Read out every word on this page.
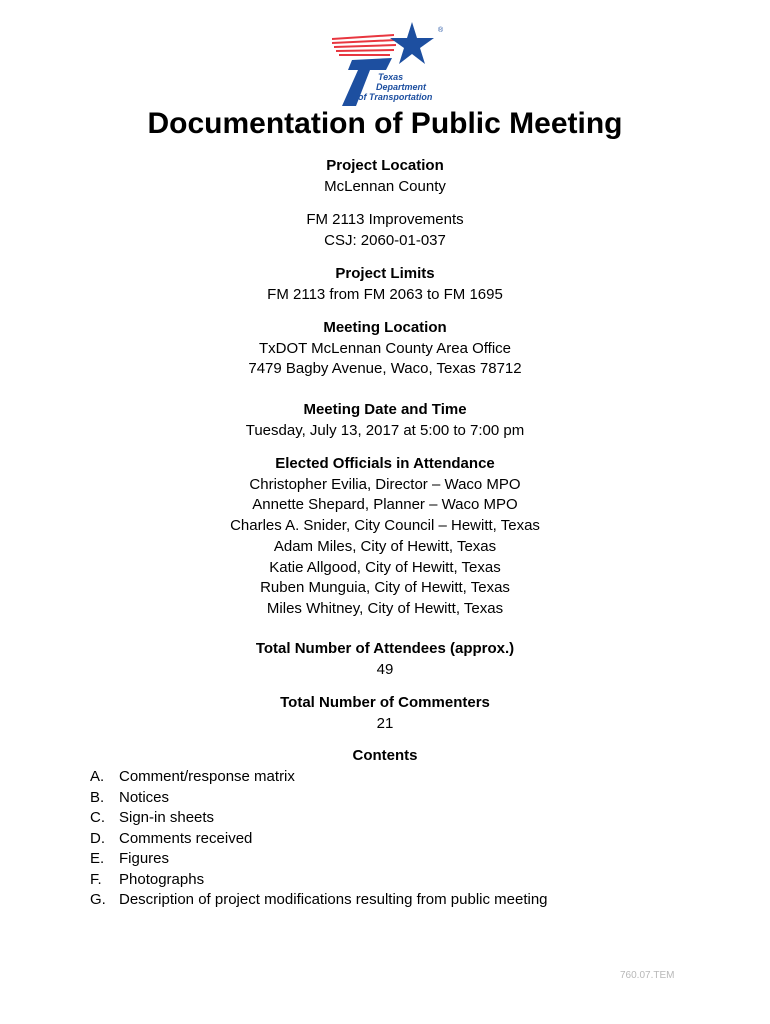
®
Texas
Department
of Transportation
Documentation of Public Meeting
Project Location
McLennan County
FM 2113 Improvements
CSJ: 2060-01-037
Project Limits
FM 2113 from FM 2063 to FM 1695
Meeting Location
TxDOT McLennan County Area Office
7479 Bagby Avenue, Waco, Texas 78712
Meeting Date and Time
Tuesday, July 13, 2017 at 5:00 to 7:00 pm
Elected Officials in Attendance
Christopher Evilia, Director – Waco MPO
Annette Shepard, Planner – Waco MPO
Charles A. Snider, City Council – Hewitt, Texas
Adam Miles, City of Hewitt, Texas
Katie Allgood, City of Hewitt, Texas
Ruben Munguia, City of Hewitt, Texas
Miles Whitney, City of Hewitt, Texas
Total Number of Attendees (approx.)
49
Total Number of Commenters
21
Contents
A. Comment/response matrix
B. Notices
C. Sign-in sheets
D. Comments received
E. Figures
F.	Photographs
G. Description of project modifications resulting from public meeting
760.07.TEM
